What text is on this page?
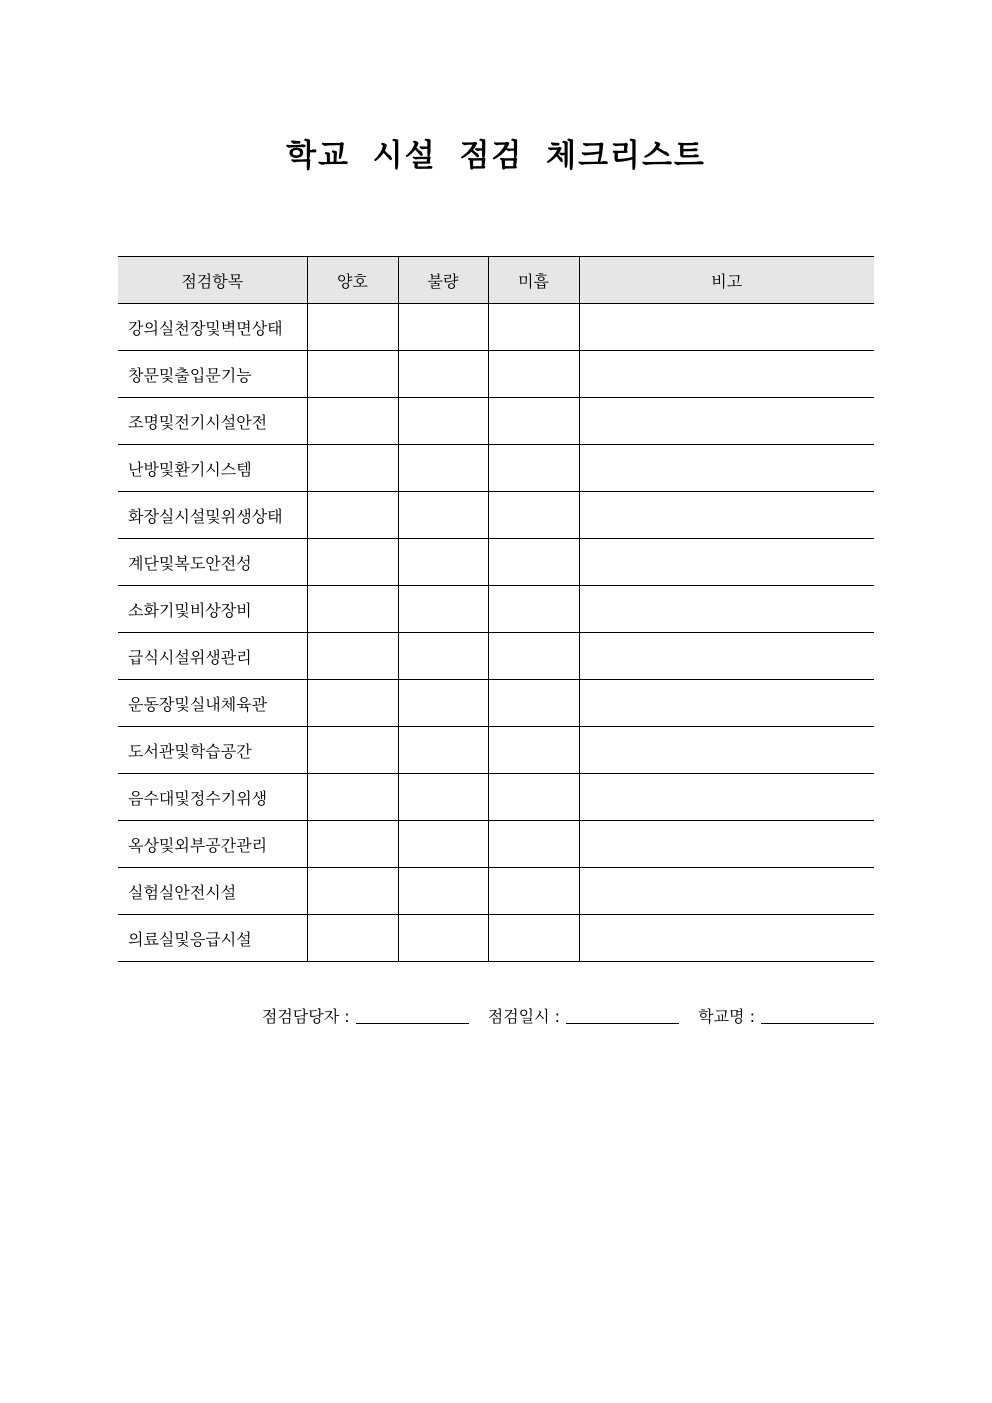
학교 시설 점검 체크리스트
점검항목	양호	불량	미흡	비고
강의실천장및벽면상태				
창문및출입문기능				
조명및전기시설안전				
난방및환기시스템				
화장실시설및위생상태				
계단및복도안전성				
소화기및비상장비				
급식시설위생관리				
운동장및실내체육관				
도서관및학습공간				
음수대및정수기위생				
옥상및외부공간관리				
실험실안전시설				
의료실및응급시설				
점검담당자 :	점검일시 :	학교명 :
